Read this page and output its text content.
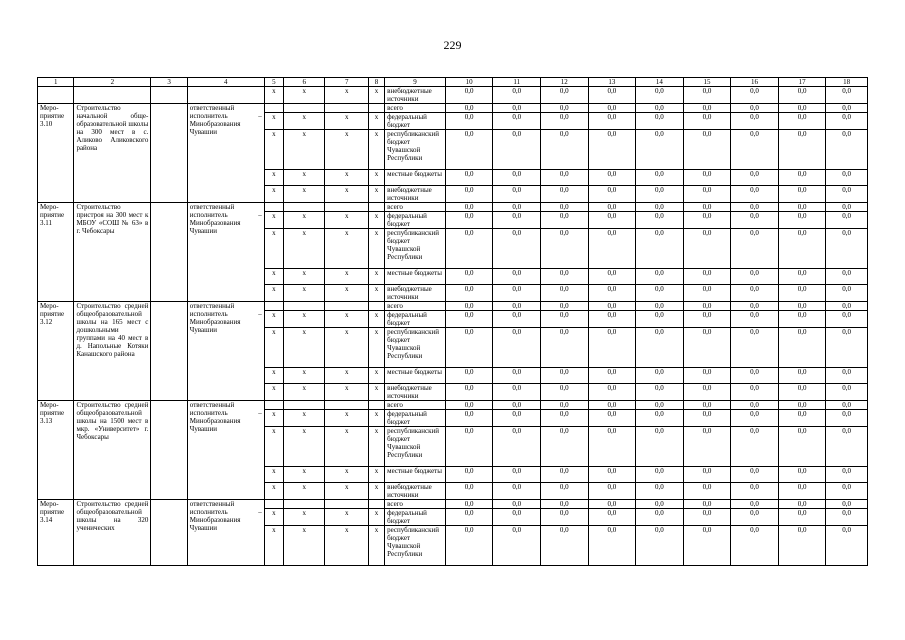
229
1	2	3	4	5	6	7	8	9	10	11	12	13	14	15	16	17	18
				x	x	x	x	внебюджетные источники	0,0	0,0	0,0	0,0	0,0	0,0	0,0	0,0	0,0
Мероприятие 3.10	Строительство начальной общеобразовательной школы на 300 мест в с. Аликово Аликовского района		ответственный исполнитель – Минобразования Чувашии					всего	0,0	0,0	0,0	0,0	0,0	0,0	0,0	0,0	0,0
				x	x	x	x	федеральный бюджет	0,0	0,0	0,0	0,0	0,0	0,0	0,0	0,0	0,0
				x	x	x	x	республиканский бюджет Чувашской Республики	0,0	0,0	0,0	0,0	0,0	0,0	0,0	0,0	0,0
				x	x	x	x	местные бюджеты	0,0	0,0	0,0	0,0	0,0	0,0	0,0	0,0	0,0
				x	x	x	x	внебюджетные источники	0,0	0,0	0,0	0,0	0,0	0,0	0,0	0,0	0,0
Мероприятие 3.11	Строительство пристроя на 300 мест к МБОУ «СОШ № 63» в г. Чебоксары		ответственный исполнитель – Минобразования Чувашии					всего	0,0	0,0	0,0	0,0	0,0	0,0	0,0	0,0	0,0
				x	x	x	x	федеральный бюджет	0,0	0,0	0,0	0,0	0,0	0,0	0,0	0,0	0,0
				x	x	x	x	республиканский бюджет Чувашской Республики	0,0	0,0	0,0	0,0	0,0	0,0	0,0	0,0	0,0
				x	x	x	x	местные бюджеты	0,0	0,0	0,0	0,0	0,0	0,0	0,0	0,0	0,0
				x	x	x	x	внебюджетные источники	0,0	0,0	0,0	0,0	0,0	0,0	0,0	0,0	0,0
Мероприятие 3.12	Строительство средней общеобразовательной школы на 165 мест с дошкольными группами на 40 мест в д. Напольные Котяки Канашского района		ответственный исполнитель – Минобразования Чувашии					всего	0,0	0,0	0,0	0,0	0,0	0,0	0,0	0,0	0,0
				x	x	x	x	федеральный бюджет	0,0	0,0	0,0	0,0	0,0	0,0	0,0	0,0	0,0
				x	x	x	x	республиканский бюджет Чувашской Республики	0,0	0,0	0,0	0,0	0,0	0,0	0,0	0,0	0,0
				x	x	x	x	местные бюджеты	0,0	0,0	0,0	0,0	0,0	0,0	0,0	0,0	0,0
				x	x	x	x	внебюджетные источники	0,0	0,0	0,0	0,0	0,0	0,0	0,0	0,0	0,0
Мероприятие 3.13	Строительство средней общеобразовательной школы на 1500 мест в мкр. «Университет» г. Чебоксары		ответственный исполнитель – Минобразования Чувашии					всего	0,0	0,0	0,0	0,0	0,0	0,0	0,0	0,0	0,0
				x	x	x	x	федеральный бюджет	0,0	0,0	0,0	0,0	0,0	0,0	0,0	0,0	0,0
				x	x	x	x	республиканский бюджет Чувашской Республики	0,0	0,0	0,0	0,0	0,0	0,0	0,0	0,0	0,0
				x	x	x	x	местные бюджеты	0,0	0,0	0,0	0,0	0,0	0,0	0,0	0,0	0,0
				x	x	x	x	внебюджетные источники	0,0	0,0	0,0	0,0	0,0	0,0	0,0	0,0	0,0
Мероприятие 3.14	Строительство средней общеобразовательной школы на 320 ученических		ответственный исполнитель – Минобразования Чувашии					всего	0,0	0,0	0,0	0,0	0,0	0,0	0,0	0,0	0,0
				x	x	x	x	федеральный бюджет	0,0	0,0	0,0	0,0	0,0	0,0	0,0	0,0	0,0
				x	x	x	x	республиканский бюджет Чувашской Республики	0,0	0,0	0,0	0,0	0,0	0,0	0,0	0,0	0,0
